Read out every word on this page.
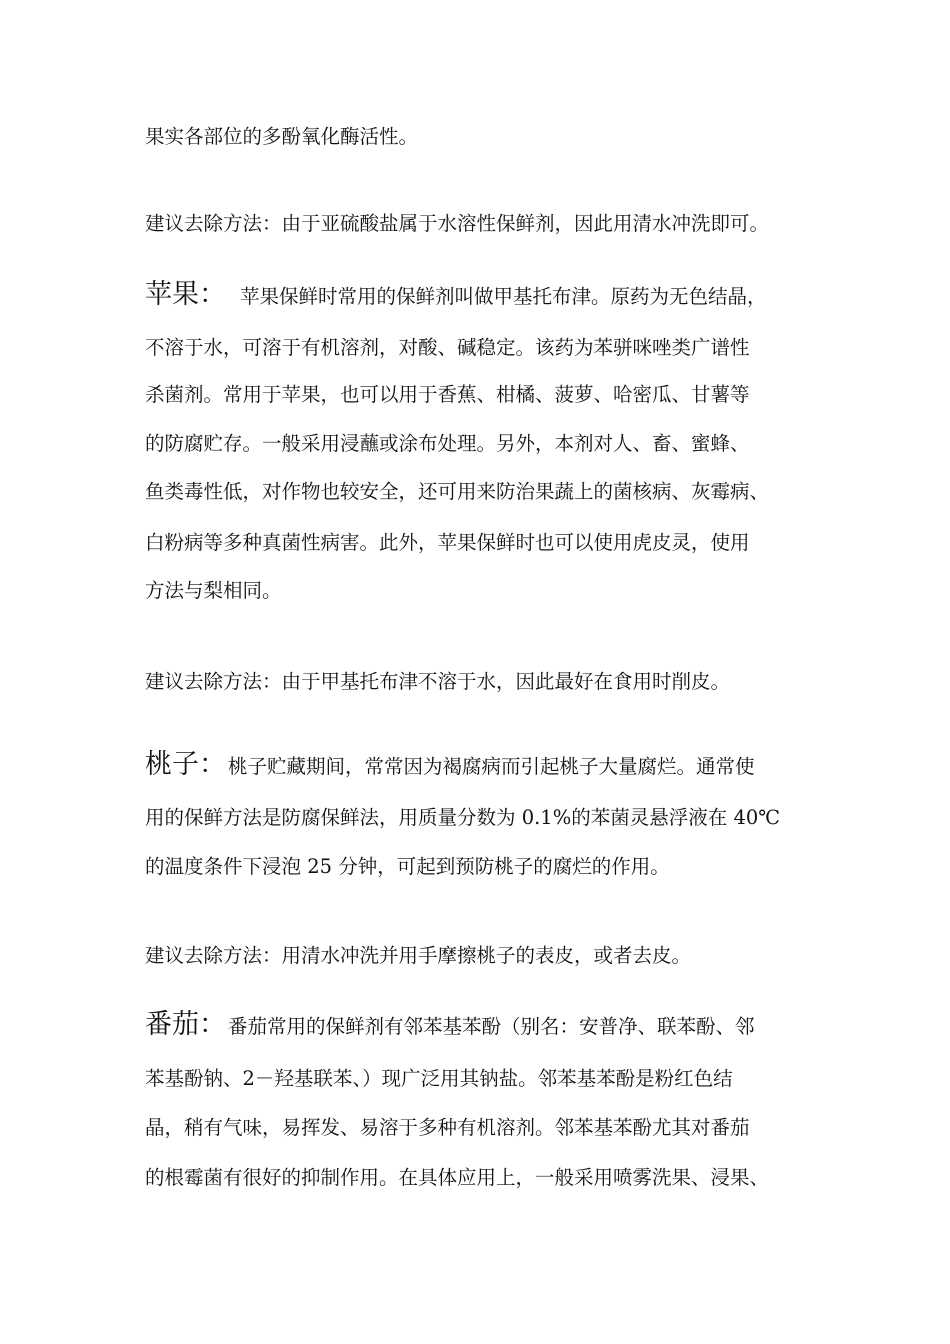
果实各部位的多酚氧化酶活性。

建议去除方法：由于亚硫酸盐属于水溶性保鲜剂，因此用清水冲洗即可。

苹果： 苹果保鲜时常用的保鲜剂叫做甲基托布津。原药为无色结晶，

不溶于水，可溶于有机溶剂，对酸、碱稳定。该药为苯骈咪唑类广谱性

杀菌剂。常用于苹果，也可以用于香蕉、柑橘、菠萝、哈密瓜、甘薯等

的防腐贮存。一般采用浸蘸或涂布处理。另外，本剂对人、畜、蜜蜂、

鱼类毒性低，对作物也较安全，还可用来防治果蔬上的菌核病、灰霉病、

白粉病等多种真菌性病害。此外，苹果保鲜时也可以使用虎皮灵，使用

方法与梨相同。

建议去除方法：由于甲基托布津不溶于水，因此最好在食用时削皮。

桃子： 桃子贮藏期间，常常因为褐腐病而引起桃子大量腐烂。通常使

用的保鲜方法是防腐保鲜法，用质量分数为 0.1%的苯菌灵悬浮液在 40℃

的温度条件下浸泡 25 分钟，可起到预防桃子的腐烂的作用。

建议去除方法：用清水冲洗并用手摩擦桃子的表皮，或者去皮。

番茄： 番茄常用的保鲜剂有邻苯基苯酚（别名：安普净、联苯酚、邻

苯基酚钠、2－羟基联苯、）现广泛用其钠盐。邻苯基苯酚是粉红色结

晶，稍有气味，易挥发、易溶于多种有机溶剂。邻苯基苯酚尤其对番茄

的根霉菌有很好的抑制作用。在具体应用上，一般采用喷雾洗果、浸果、
